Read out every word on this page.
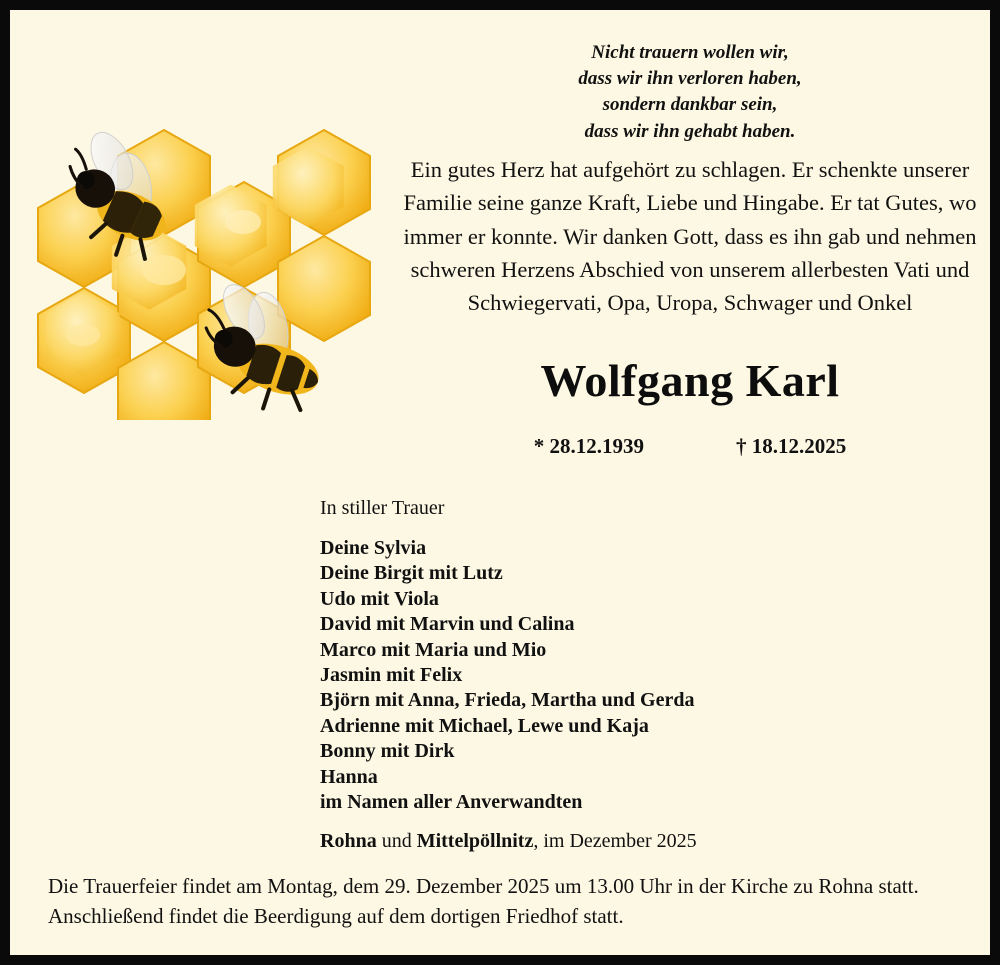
Nicht trauern wollen wir,
dass wir ihn verloren haben,
sondern dankbar sein,
dass wir ihn gehabt haben.
Ein gutes Herz hat aufgehört zu schlagen. Er schenkte unserer Familie seine ganze Kraft, Liebe und Hingabe. Er tat Gutes, wo immer er konnte. Wir danken Gott, dass es ihn gab und nehmen schweren Herzens Abschied von unserem allerbesten Vati und Schwiegervati, Opa, Uropa, Schwager und Onkel
Wolfgang Karl
* 28.12.1939	† 18.12.2025
In stiller Trauer
Deine Sylvia
Deine Birgit mit Lutz
Udo mit Viola
David mit Marvin und Calina
Marco mit Maria und Mio
Jasmin mit Felix
Björn mit Anna, Frieda, Martha und Gerda
Adrienne mit Michael, Lewe und Kaja
Bonny mit Dirk
Hanna
im Namen aller Anverwandten
Rohna und Mittelpöllnitz, im Dezember 2025
Die Trauerfeier findet am Montag, dem 29. Dezember 2025 um 13.00 Uhr in der Kirche zu Rohna statt. Anschließend findet die Beerdigung auf dem dortigen Friedhof statt.
